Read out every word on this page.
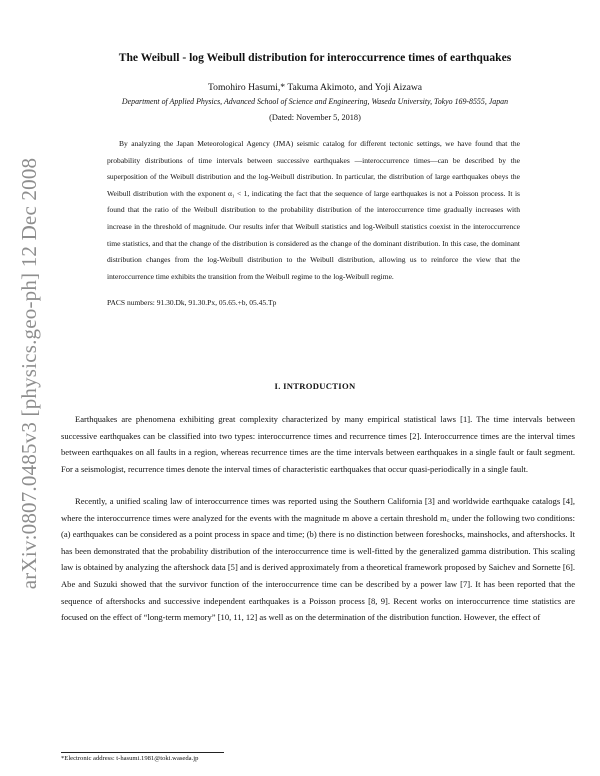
arXiv:0807.0485v3 [physics.geo-ph] 12 Dec 2008
The Weibull - log Weibull distribution for interoccurrence times of earthquakes
Tomohiro Hasumi,* Takuma Akimoto, and Yoji Aizawa
Department of Applied Physics, Advanced School of Science and Engineering, Waseda University, Tokyo 169-8555, Japan
(Dated: November 5, 2018)

By analyzing the Japan Meteorological Agency (JMA) seismic catalog for different tectonic settings, we have found that the probability distributions of time intervals between successive earthquakes —interoccurrence times—can be described by the superposition of the Weibull distribution and the log-Weibull distribution. In particular, the distribution of large earthquakes obeys the Weibull distribution with the exponent α₁ < 1, indicating the fact that the sequence of large earthquakes is not a Poisson process. It is found that the ratio of the Weibull distribution to the probability distribution of the interoccurrence time gradually increases with increase in the threshold of magnitude. Our results infer that Weibull statistics and log-Weibull statistics coexist in the interoccurrence time statistics, and that the change of the distribution is considered as the change of the dominant distribution. In this case, the dominant distribution changes from the log-Weibull distribution to the Weibull distribution, allowing us to reinforce the view that the interoccurrence time exhibits the transition from the Weibull regime to the log-Weibull regime.

PACS numbers: 91.30.Dk, 91.30.Px, 05.65.+b, 05.45.Tp
I. INTRODUCTION

Earthquakes are phenomena exhibiting great complexity characterized by many empirical statistical laws [1]. The time intervals between successive earthquakes can be classified into two types: interoccurrence times and recurrence times [2]. Interoccurrence times are the interval times between earthquakes on all faults in a region, whereas recurrence times are the time intervals between earthquakes in a single fault or fault segment. For a seismologist, recurrence times denote the interval times of characteristic earthquakes that occur quasi-periodically in a single fault.

Recently, a unified scaling law of interoccurrence times was reported using the Southern California [3] and worldwide earthquake catalogs [4], where the interoccurrence times were analyzed for the events with the magnitude m above a certain threshold m꜀ under the following two conditions: (a) earthquakes can be considered as a point process in space and time; (b) there is no distinction between foreshocks, mainshocks, and aftershocks. It has been demonstrated that the probability distribution of the interoccurrence time is well-fitted by the generalized gamma distribution. This scaling law is obtained by analyzing the aftershock data [5] and is derived approximately from a theoretical framework proposed by Saichev and Sornette [6]. Abe and Suzuki showed that the survivor function of the interoccurrence time can be described by a power law [7]. It has been reported that the sequence of aftershocks and successive independent earthquakes is a Poisson process [8, 9]. Recent works on interoccurrence time statistics are focused on the effect of “long-term memory” [10, 11, 12] as well as on the determination of the distribution function. However, the effect of

*Electronic address: t-hasumi.1981@toki.waseda.jp
